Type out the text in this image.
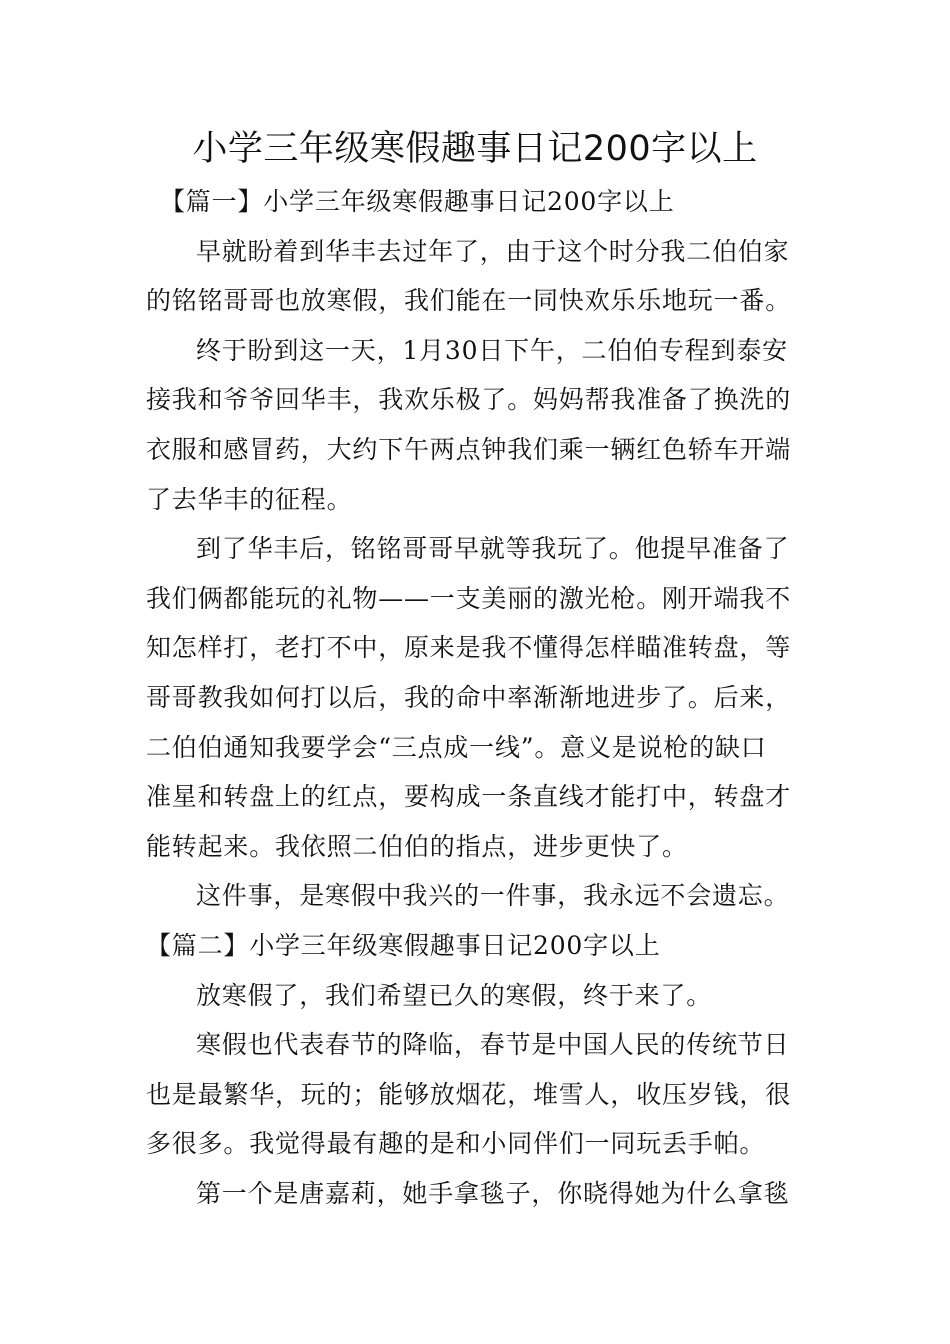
小学三年级寒假趣事日记200字以上
【篇一】小学三年级寒假趣事日记200字以上
早就盼着到华丰去过年了，由于这个时分我二伯伯家
的铭铭哥哥也放寒假，我们能在一同快欢乐乐地玩一番。
终于盼到这一天，1月30日下午，二伯伯专程到泰安
接我和爷爷回华丰，我欢乐极了。妈妈帮我准备了换洗的
衣服和感冒药，大约下午两点钟我们乘一辆红色轿车开端
了去华丰的征程。
到了华丰后，铭铭哥哥早就等我玩了。他提早准备了
我们俩都能玩的礼物——一支美丽的激光枪。刚开端我不
知怎样打，老打不中，原来是我不懂得怎样瞄准转盘，等
哥哥教我如何打以后，我的命中率渐渐地进步了。后来，
二伯伯通知我要学会“三点成一线”。意义是说枪的缺口
准星和转盘上的红点，要构成一条直线才能打中，转盘才
能转起来。我依照二伯伯的指点，进步更快了。
这件事，是寒假中我兴的一件事，我永远不会遗忘。
【篇二】小学三年级寒假趣事日记200字以上
放寒假了，我们希望已久的寒假，终于来了。
寒假也代表春节的降临，春节是中国人民的传统节日
也是最繁华，玩的；能够放烟花，堆雪人，收压岁钱，很
多很多。我觉得最有趣的是和小同伴们一同玩丢手帕。
第一个是唐嘉莉，她手拿毯子，你晓得她为什么拿毯
